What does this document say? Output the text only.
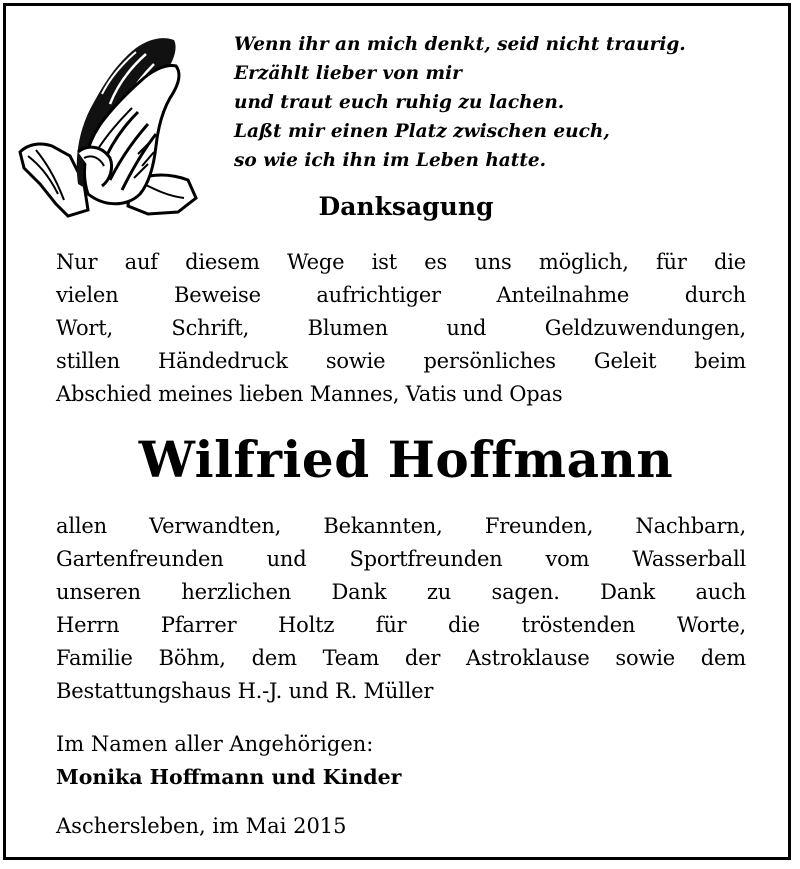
Wenn ihr an mich denkt, seid nicht traurig.
Erzählt lieber von mir
und traut euch ruhig zu lachen.
Laßt mir einen Platz zwischen euch,
so wie ich ihn im Leben hatte.
Danksagung
Nur auf diesem Wege ist es uns möglich, für die
vielen Beweise aufrichtiger Anteilnahme durch
Wort, Schrift, Blumen und Geldzuwendungen,
stillen Händedruck sowie persönliches Geleit beim
Abschied meines lieben Mannes, Vatis und Opas
Wilfried Hoffmann
allen Verwandten, Bekannten, Freunden, Nachbarn,
Gartenfreunden und Sportfreunden vom Wasserball
unseren herzlichen Dank zu sagen. Dank auch
Herrn Pfarrer Holtz für die tröstenden Worte,
Familie Böhm, dem Team der Astroklause sowie dem
Bestattungshaus H.-J. und R. Müller
Im Namen aller Angehörigen:
Monika Hoffmann und Kinder
Aschersleben, im Mai 2015
